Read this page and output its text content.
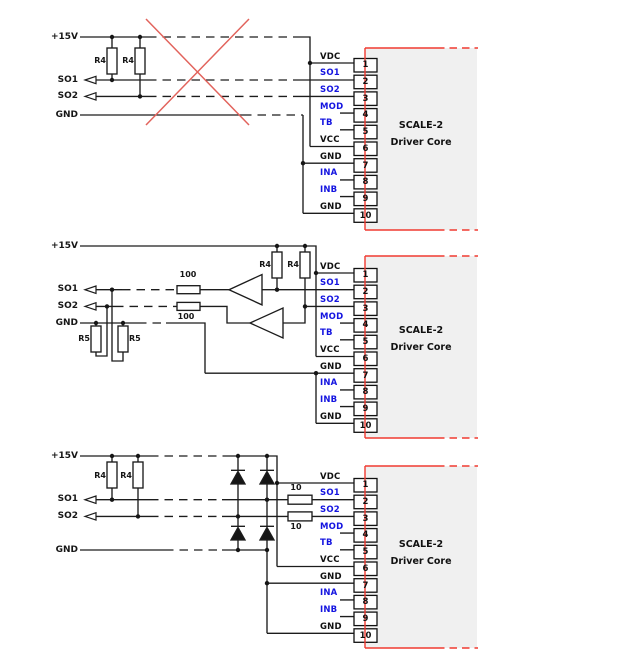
+15V
SO1
SO2
GND
R4	R4
+15V
SO1
SO2
GND
R4	R4
R5	R5
100
100
+15V
SO1
SO2
GND
R4	R4
10
10
SCALE-2
Driver Core
SCALE-2
Driver Core
SCALE-2
Driver Core
VDC
1
SO1
2
SO2
3
MOD
4
TB
5
VCC
6
GND
7
INA
8
INB
9
GND
10
VDC
1
SO1
2
SO2
3
MOD
4
TB
5
VCC
6
GND
7
INA
8
INB
9
GND
10
VDC
1
SO1
2
SO2
3
MOD
4
TB
5
VCC
6
GND
7
INA
8
INB
9
GND
10
